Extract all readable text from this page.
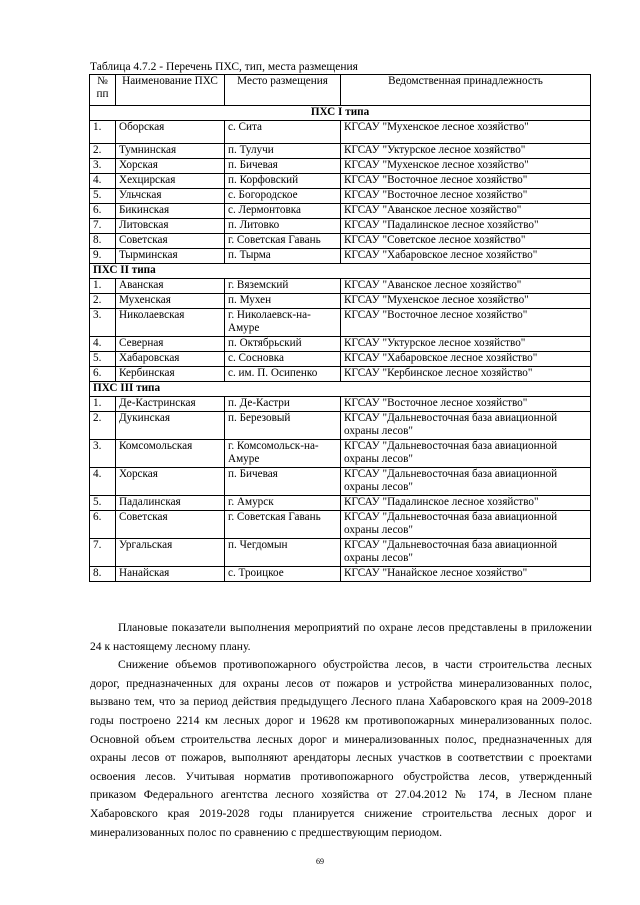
Таблица 4.7.2 - Перечень ПХС, тип, места размещения
№ пп	Наименование ПХС	Место размещения	Ведомственная принадлежность
ПХС I типа			
1.	Оборская	с. Сита	КГСАУ "Мухенское лесное хозяйство"
2.	Тумнинская	п. Тулучи	КГСАУ "Уктурское лесное хозяйство"
3.	Хорская	п. Бичевая	КГСАУ "Мухенское лесное хозяйство"
4.	Хехцирская	п. Корфовский	КГСАУ "Восточное лесное хозяйство"
5.	Ульчская	с. Богородское	КГСАУ "Восточное лесное хозяйство"
6.	Бикинская	с. Лермонтовка	КГСАУ "Аванское лесное хозяйство"
7.	Литовская	п. Литовко	КГСАУ "Падалинское лесное хозяйство"
8.	Советская	г. Советская Гавань	КГСАУ "Советское лесное хозяйство"
9.	Тырминская	п. Тырма	КГСАУ "Хабаровское лесное хозяйство"
ПХС II типа			
1.	Аванская	г. Вяземский	КГСАУ "Аванское лесное хозяйство"
2.	Мухенская	п. Мухен	КГСАУ "Мухенское лесное хозяйство"
3.	Николаевская	г. Николаевск-на-Амуре	КГСАУ "Восточное лесное хозяйство"
4.	Северная	п. Октябрьский	КГСАУ "Уктурское лесное хозяйство"
5.	Хабаровская	с. Сосновка	КГСАУ "Хабаровское лесное хозяйство"
6.	Кербинская	с. им. П. Осипенко	КГСАУ "Кербинское лесное хозяйство"
ПХС III типа			
1.	Де-Кастринская	п. Де-Кастри	КГСАУ "Восточное лесное хозяйство"
2.	Дукинская	п. Березовый	КГСАУ "Дальневосточная база авиационной охраны лесов"
3.	Комсомольская	г. Комсомольск-на-Амуре	КГСАУ "Дальневосточная база авиационной охраны лесов"
4.	Хорская	п. Бичевая	КГСАУ "Дальневосточная база авиационной охраны лесов"
5.	Падалинская	г. Амурск	КГСАУ "Падалинское лесное хозяйство"
6.	Советская	г. Советская Гавань	КГСАУ "Дальневосточная база авиационной охраны лесов"
7.	Ургальская	п. Чегдомын	КГСАУ "Дальневосточная база авиационной охраны лесов"
8.	Нанайская	с. Троицкое	КГСАУ "Нанайское лесное хозяйство"

Плановые показатели выполнения мероприятий по охране лесов представлены в приложении 24 к настоящему лесному плану.

Снижение объемов противопожарного обустройства лесов, в части строительства лесных дорог, предназначенных для охраны лесов от пожаров и устройства минерализованных полос, вызвано тем, что за период действия предыдущего Лесного плана Хабаровского края на 2009-2018 годы построено 2214 км лесных дорог и 19628 км противопожарных минерализованных полос. Основной объем строительства лесных дорог и минерализованных полос, предназначенных для охраны лесов от пожаров, выполняют арендаторы лесных участков в соответствии с проектами освоения лесов. Учитывая норматив противопожарного обустройства лесов, утвержденный приказом Федерального агентства лесного хозяйства от 27.04.2012 № 174, в Лесном плане Хабаровского края 2019-2028 годы планируется снижение строительства лесных дорог и минерализованных полос по сравнению с предшествующим периодом.

69
